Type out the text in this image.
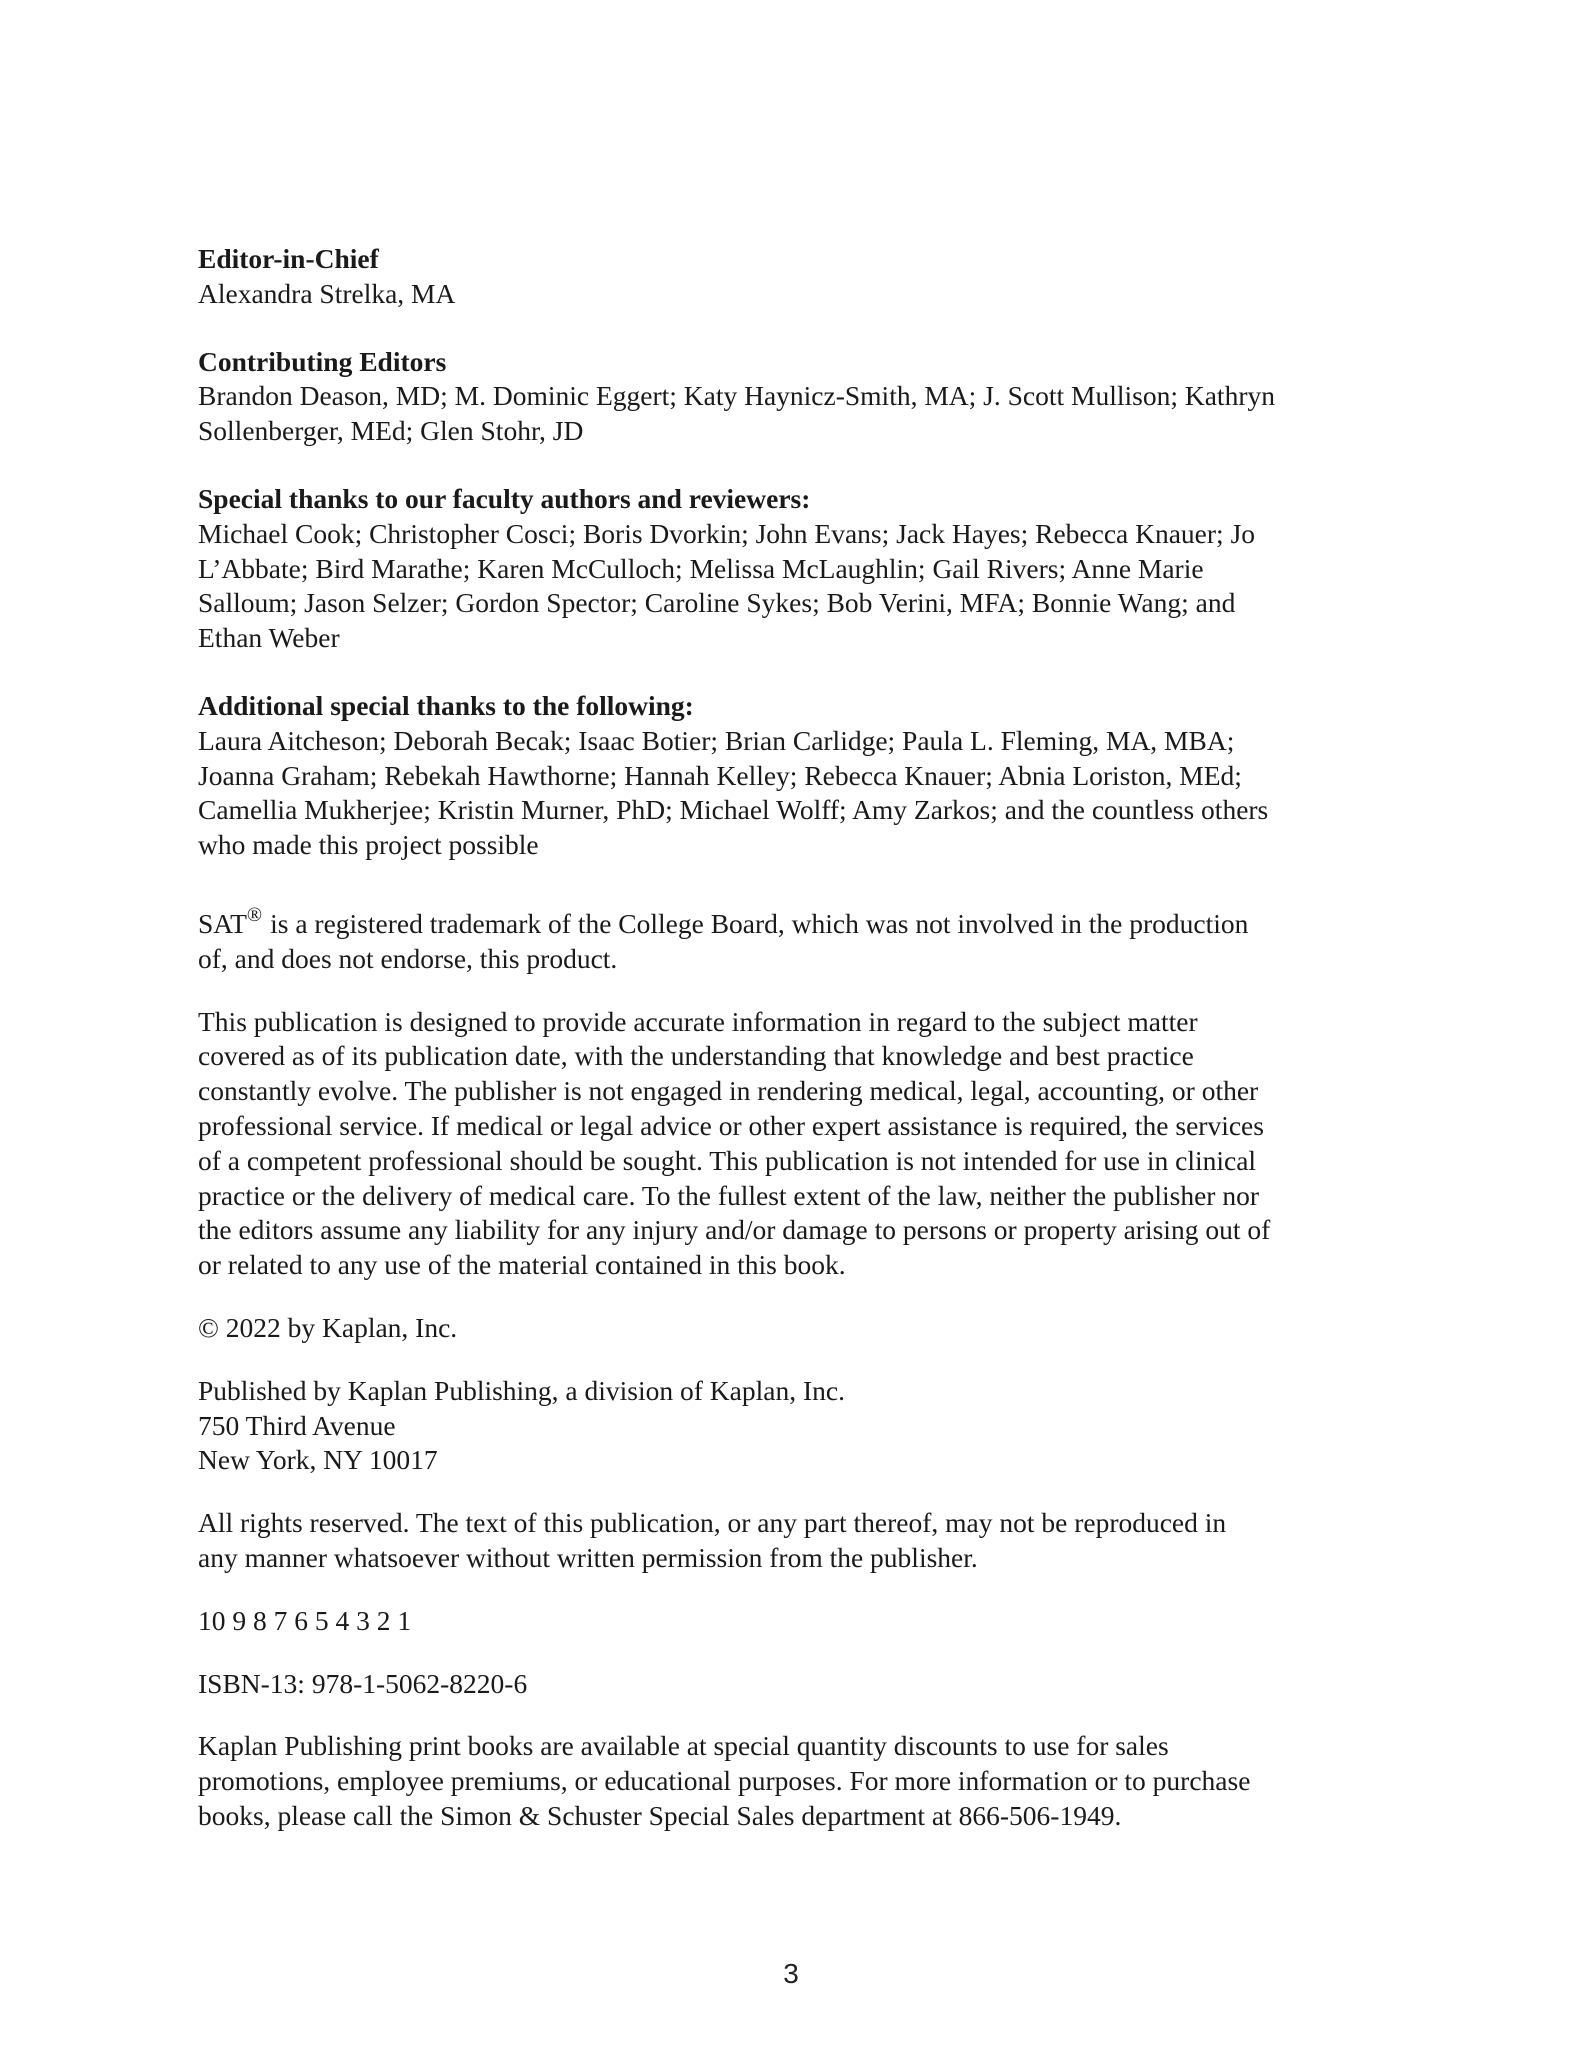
Editor-in-Chief
Alexandra Strelka, MA
Contributing Editors
Brandon Deason, MD; M. Dominic Eggert; Katy Haynicz-Smith, MA; J. Scott Mullison; Kathryn
Sollenberger, MEd; Glen Stohr, JD
Special thanks to our faculty authors and reviewers:
Michael Cook; Christopher Cosci; Boris Dvorkin; John Evans; Jack Hayes; Rebecca Knauer; Jo
L’Abbate; Bird Marathe; Karen McCulloch; Melissa McLaughlin; Gail Rivers; Anne Marie
Salloum; Jason Selzer; Gordon Spector; Caroline Sykes; Bob Verini, MFA; Bonnie Wang; and
Ethan Weber
Additional special thanks to the following:
Laura Aitcheson; Deborah Becak; Isaac Botier; Brian Carlidge; Paula L. Fleming, MA, MBA;
Joanna Graham; Rebekah Hawthorne; Hannah Kelley; Rebecca Knauer; Abnia Loriston, MEd;
Camellia Mukherjee; Kristin Murner, PhD; Michael Wolff; Amy Zarkos; and the countless others
who made this project possible
SAT® is a registered trademark of the College Board, which was not involved in the production
of, and does not endorse, this product.
This publication is designed to provide accurate information in regard to the subject matter
covered as of its publication date, with the understanding that knowledge and best practice
constantly evolve. The publisher is not engaged in rendering medical, legal, accounting, or other
professional service. If medical or legal advice or other expert assistance is required, the services
of a competent professional should be sought. This publication is not intended for use in clinical
practice or the delivery of medical care. To the fullest extent of the law, neither the publisher nor
the editors assume any liability for any injury and/or damage to persons or property arising out of
or related to any use of the material contained in this book.
© 2022 by Kaplan, Inc.
Published by Kaplan Publishing, a division of Kaplan, Inc.
750 Third Avenue
New York, NY 10017
All rights reserved. The text of this publication, or any part thereof, may not be reproduced in
any manner whatsoever without written permission from the publisher.
10 9 8 7 6 5 4 3 2 1
ISBN-13: 978-1-5062-8220-6
Kaplan Publishing print books are available at special quantity discounts to use for sales
promotions, employee premiums, or educational purposes. For more information or to purchase
books, please call the Simon & Schuster Special Sales department at 866-506-1949.
3
